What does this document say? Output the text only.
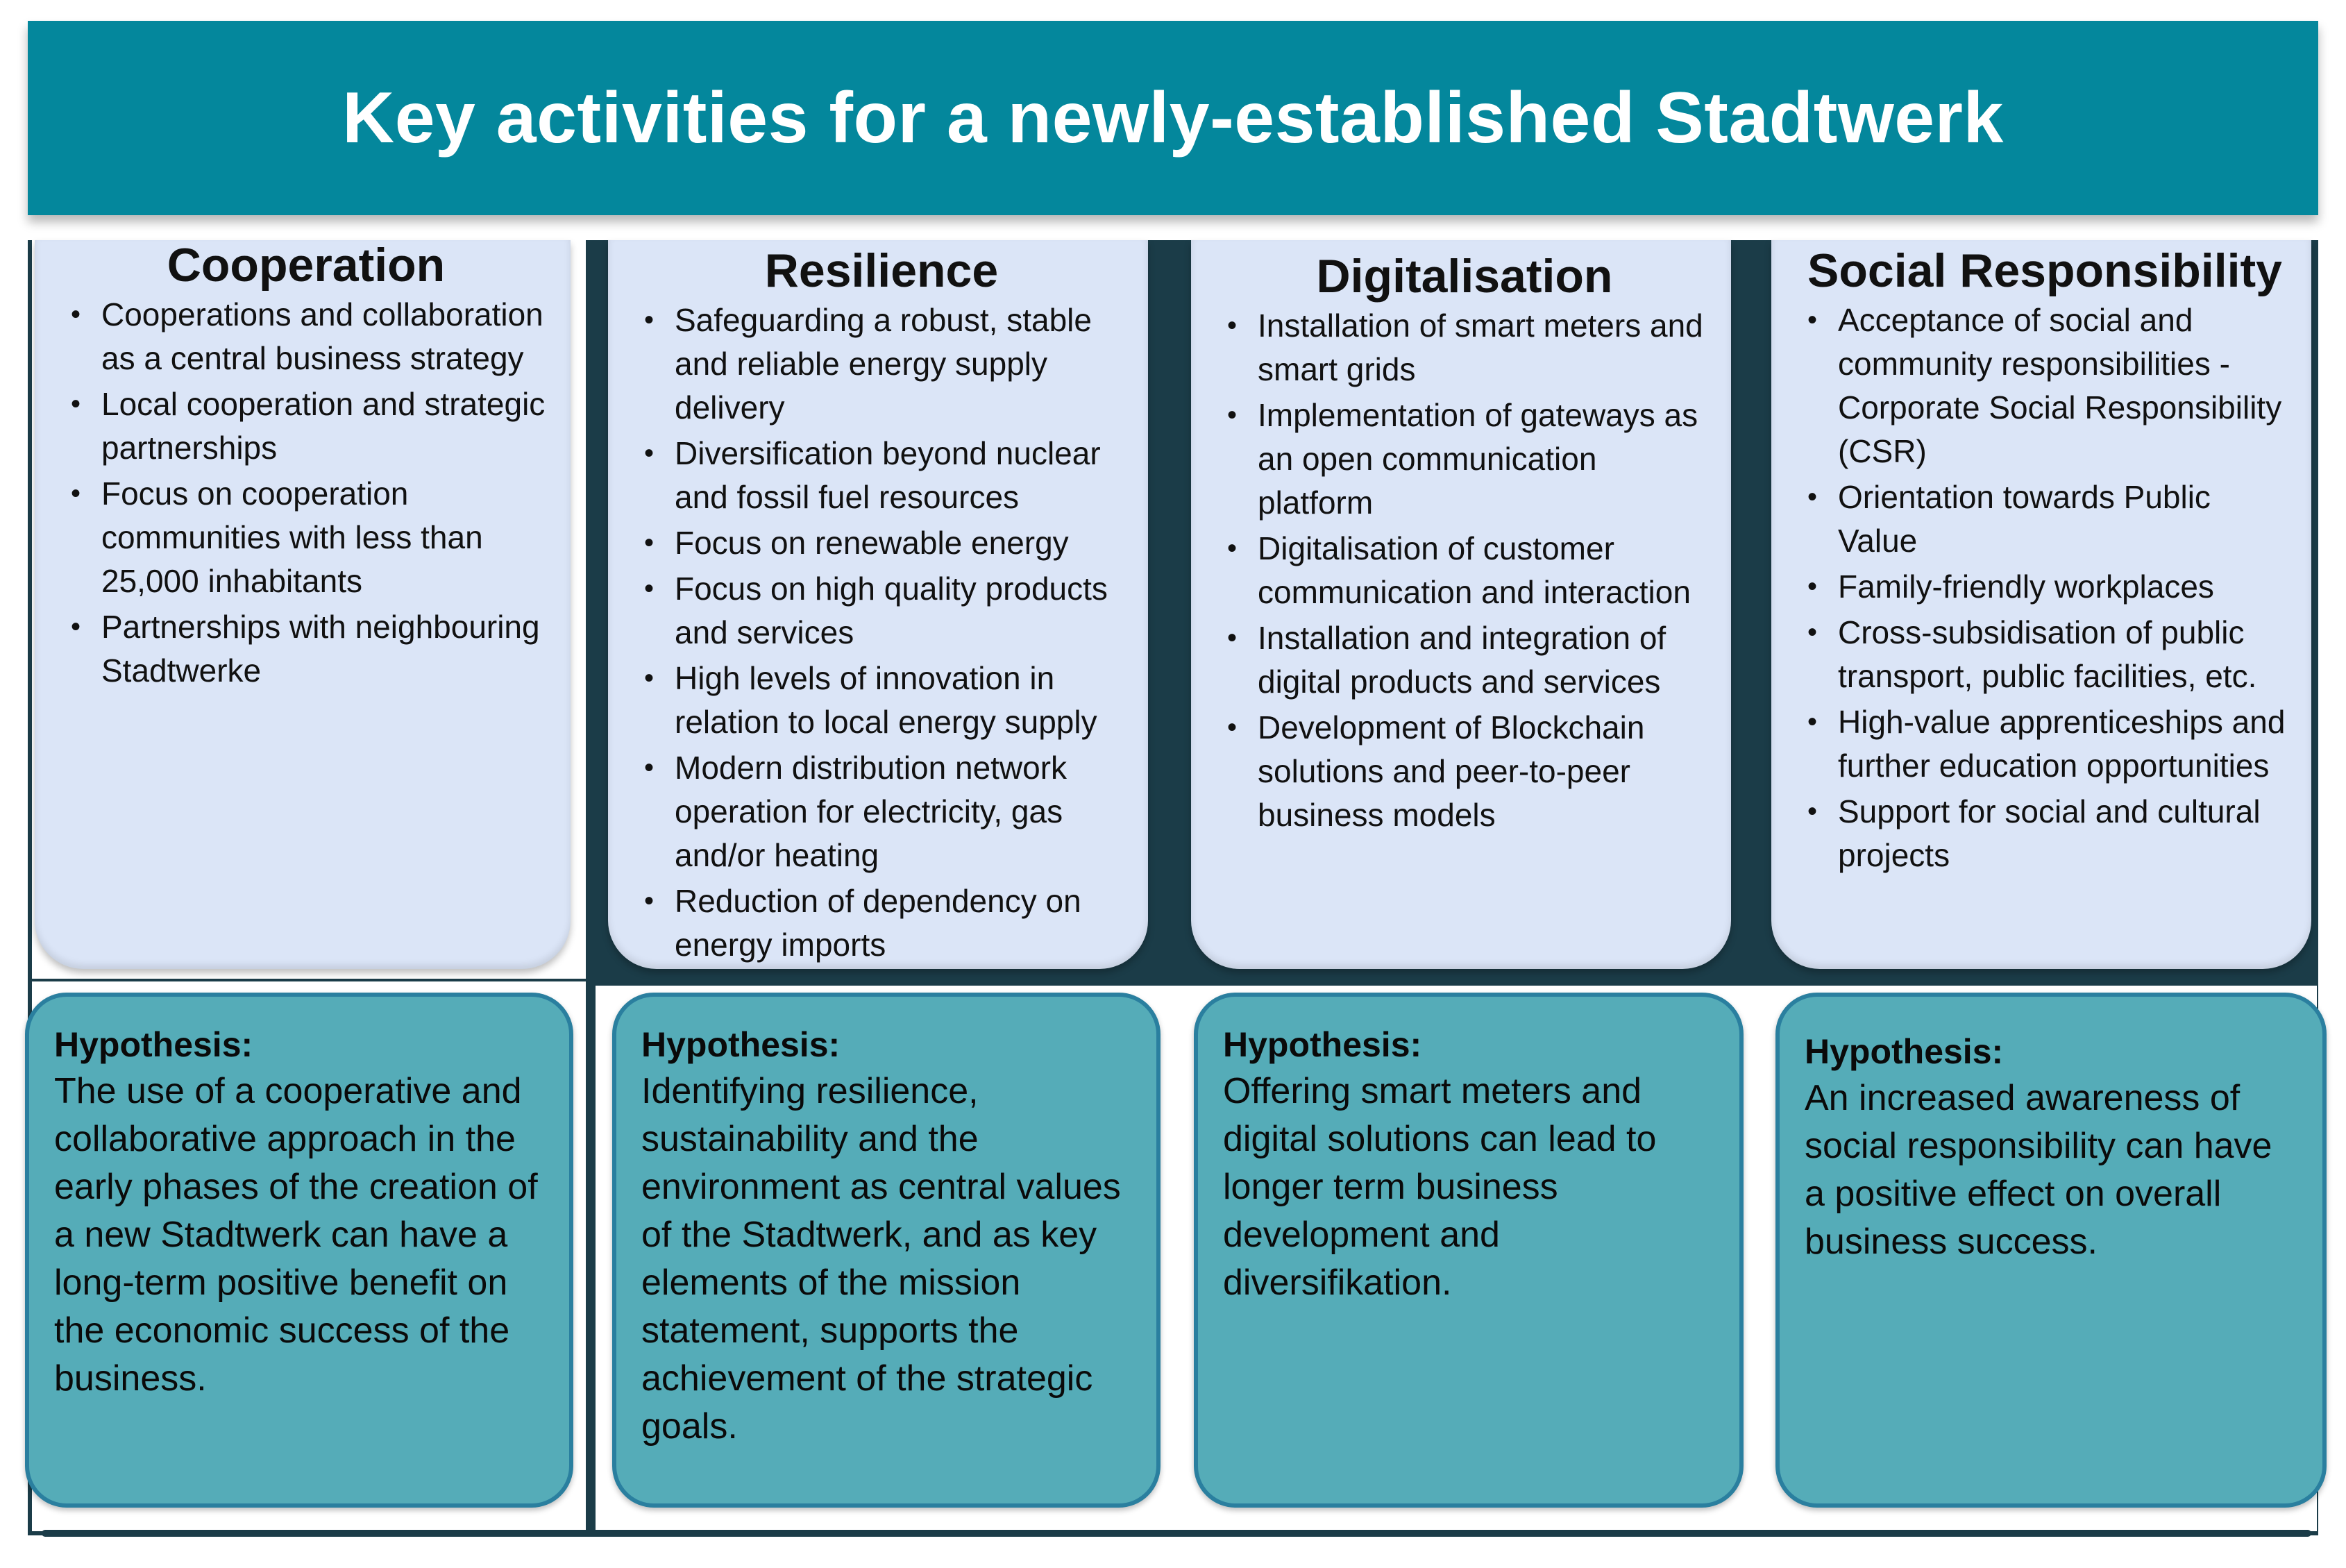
Key activities for a newly-established Stadtwerk
Cooperation
• Cooperations and collaboration as a central business strategy
• Local cooperation and strategic partnerships
• Focus on cooperation communities with less than 25,000 inhabitants
• Partnerships with neighbouring Stadtwerke
Resilience
• Safeguarding a robust, stable and reliable energy supply delivery
• Diversification beyond nuclear and fossil fuel resources
• Focus on renewable energy
• Focus on high quality products and services
• High levels of innovation in relation to local energy supply
• Modern distribution network operation for electricity, gas and/or heating
• Reduction of dependency on energy imports
Digitalisation
• Installation of smart meters and smart grids
• Implementation of gateways as an open communication platform
• Digitalisation of customer communication and interaction
• Installation and integration of digital products and services
• Development of Blockchain solutions and peer-to-peer business models
Social Responsibility
• Acceptance of social and community responsibilities - Corporate Social Responsibility (CSR)
• Orientation towards Public Value
• Family-friendly workplaces
• Cross-subsidisation of public transport, public facilities, etc.
• High-value apprenticeships and further education opportunities
• Support for social and cultural projects
Hypothesis:
The use of a cooperative and collaborative approach in the early phases of the creation of a new Stadtwerk can have a long-term positive benefit on the economic success of the business.
Hypothesis:
Identifying resilience, sustainability and the environment as central values of the Stadtwerk, and as key elements of the mission statement, supports the achievement of the strategic goals.
Hypothesis:
Offering smart meters and digital solutions can lead to longer term business development and diversifikation.
Hypothesis:
An increased awareness of social responsibility can have a positive effect on overall business success.
